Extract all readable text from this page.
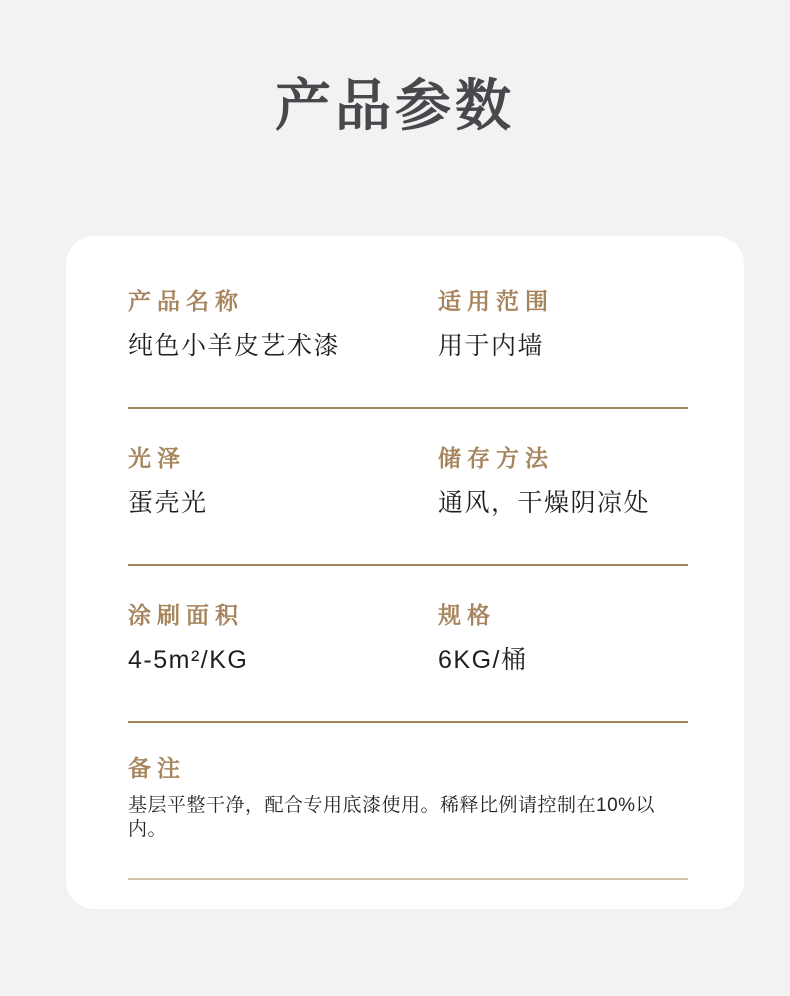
产品参数
产品名称
纯色小羊皮艺术漆
适用范围
用于内墙
光泽
蛋壳光
储存方法
通风，干燥阴凉处
涂刷面积
4-5m²/KG
规格
6KG/桶
备注
基层平整干净，配合专用底漆使用。稀释比例请控制在10%以内。
